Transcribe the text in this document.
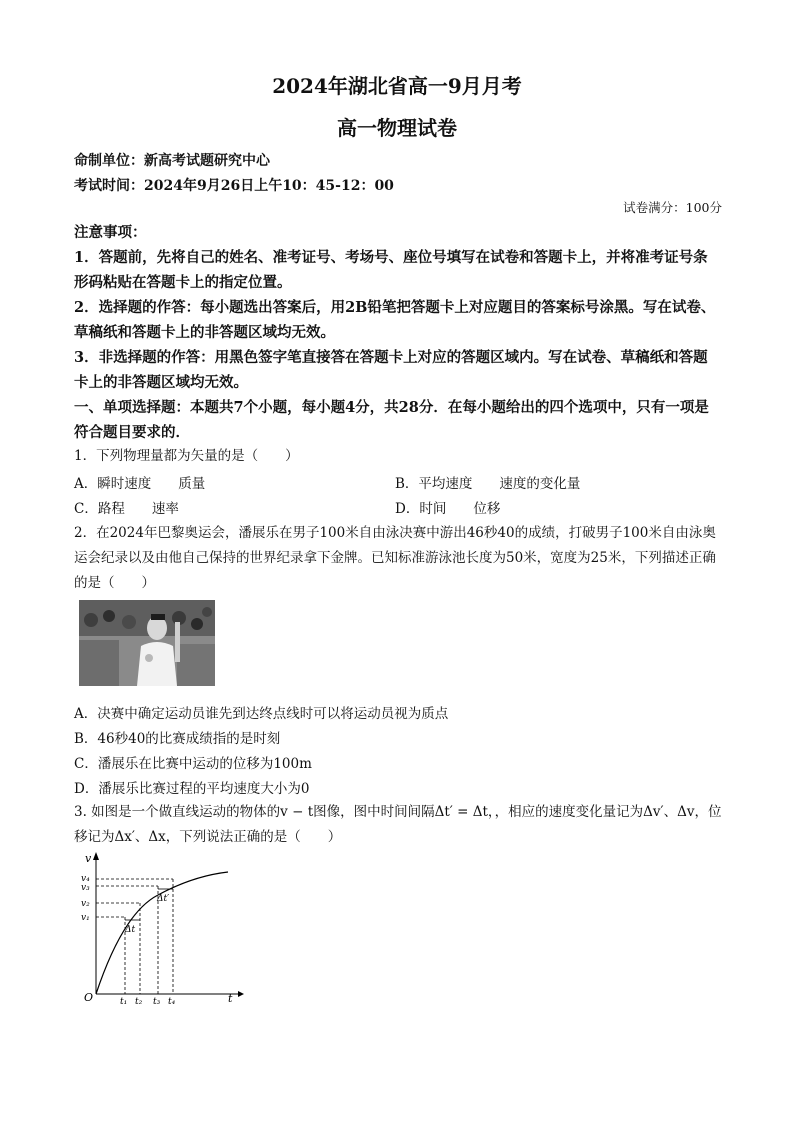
2024年湖北省高一9月月考
高一物理试卷
命制单位：新高考试题研究中心
考试时间：2024年9月26日上午10：45-12：00
试卷满分：100分
注意事项：
1．答题前，先将自己的姓名、准考证号、考场号、座位号填写在试卷和答题卡上，并将准考证号条形码粘贴在答题卡上的指定位置。
2．选择题的作答：每小题选出答案后，用2B铅笔把答题卡上对应题目的答案标号涂黑。写在试卷、草稿纸和答题卡上的非答题区域均无效。
3．非选择题的作答：用黑色签字笔直接答在答题卡上对应的答题区域内。写在试卷、草稿纸和答题卡上的非答题区域均无效。
一、单项选择题：本题共7个小题，每小题4分，共28分．在每小题给出的四个选项中，只有一项是符合题目要求的．
1．下列物理量都为矢量的是（　　）
A．瞬时速度　　质量	B．平均速度　　速度的变化量
C．路程　　速率	D．时间　　位移
2．在2024年巴黎奥运会，潘展乐在男子100米自由泳决赛中游出46秒40的成绩，打破男子100米自由泳奥运会纪录以及由他自己保持的世界纪录拿下金牌。已知标准游泳池长度为50米，宽度为25米，下列描述正确的是（　　）
A．决赛中确定运动员谁先到达终点线时可以将运动员视为质点
B．46秒40的比赛成绩指的是时刻
C．潘展乐在比赛中运动的位移为100m
D．潘展乐比赛过程的平均速度大小为0
3. 如图是一个做直线运动的物体的v − t图像，图中时间间隔Δt′ = Δt，，相应的速度变化量记为Δv′、Δv，位移记为Δx′、Δx，下列说法正确的是（　　）
v
t
O
v₄
v₃
v₂
v₁
t₁ t₂ t₃ t₄
Δt
Δt′
